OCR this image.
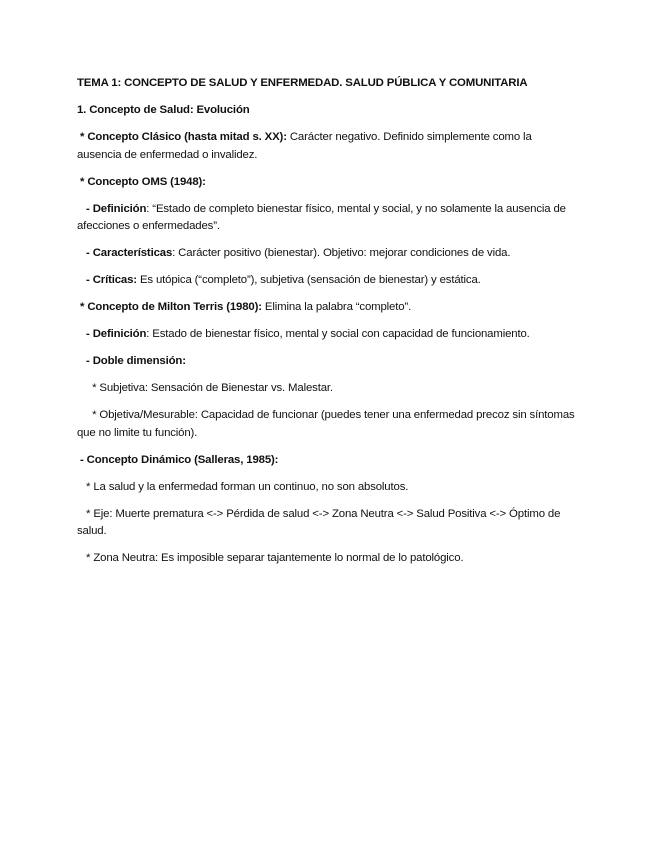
TEMA 1: CONCEPTO DE SALUD Y ENFERMEDAD. SALUD PÚBLICA Y COMUNITARIA

1. Concepto de Salud: Evolución

* Concepto Clásico (hasta mitad s. XX): Carácter negativo. Definido simplemente como la ausencia de enfermedad o invalidez.

* Concepto OMS (1948):

- Definición: “Estado de completo bienestar físico, mental y social, y no solamente la ausencia de afecciones o enfermedades”.

- Características: Carácter positivo (bienestar). Objetivo: mejorar condiciones de vida.

- Críticas: Es utópica (“completo”), subjetiva (sensación de bienestar) y estática.

* Concepto de Milton Terris (1980): Elimina la palabra “completo”.

- Definición: Estado de bienestar físico, mental y social con capacidad de funcionamiento.

- Doble dimensión:

* Subjetiva: Sensación de Bienestar vs. Malestar.

* Objetiva/Mesurable: Capacidad de funcionar (puedes tener una enfermedad precoz sin síntomas que no limite tu función).

- Concepto Dinámico (Salleras, 1985):

* La salud y la enfermedad forman un continuo, no son absolutos.

* Eje: Muerte prematura <-> Pérdida de salud <-> Zona Neutra <-> Salud Positiva <-> Óptimo de salud.

* Zona Neutra: Es imposible separar tajantemente lo normal de lo patológico.
